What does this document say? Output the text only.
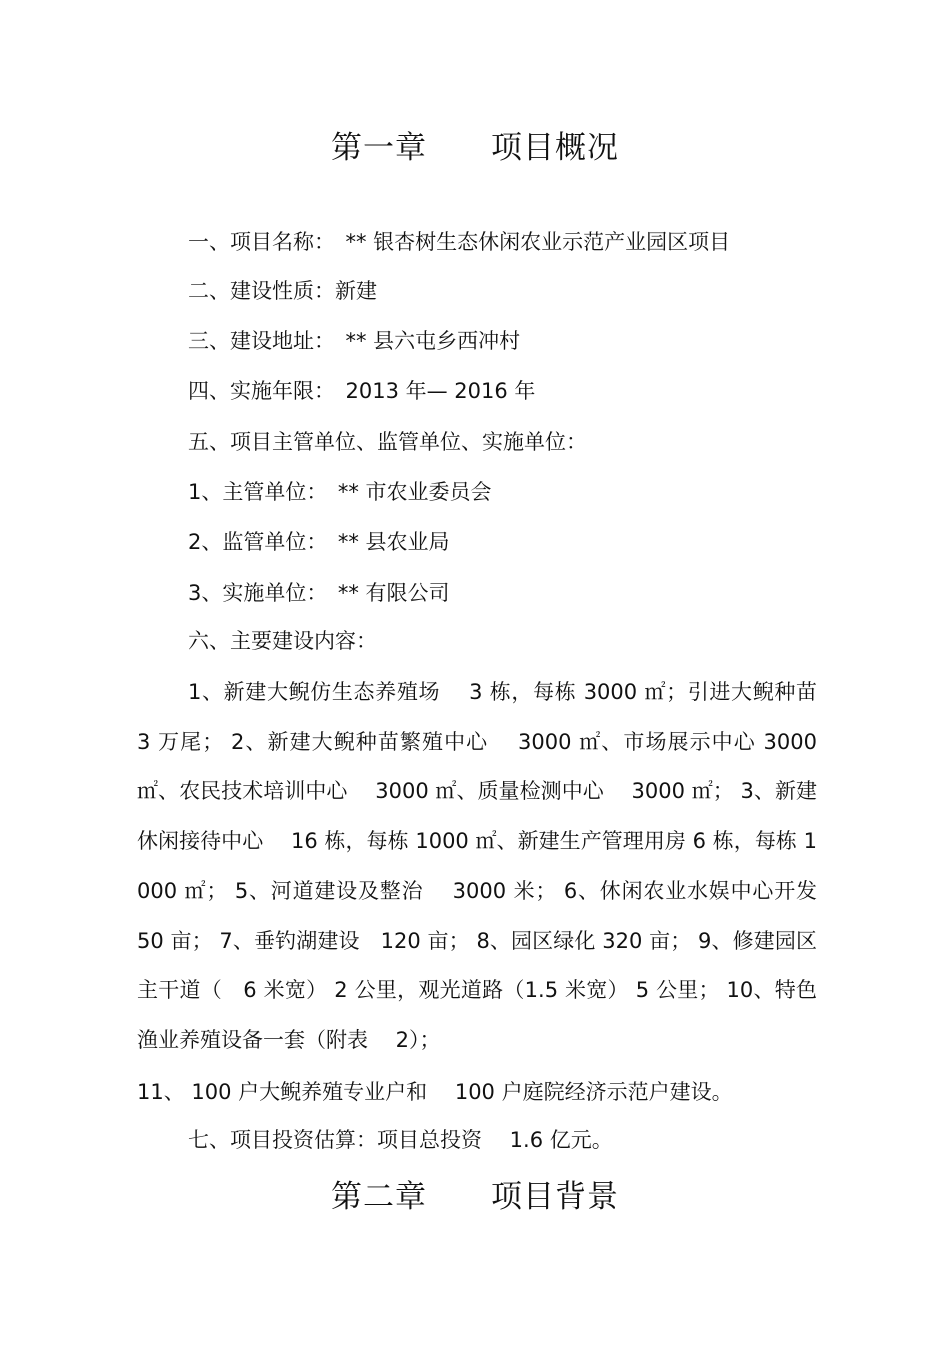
第一章　　项目概况
一、项目名称：　** 银杏树生态休闲农业示范产业园区项目
二、建设性质：新建
三、建设地址：　** 县六屯乡西冲村
四、实施年限：　2013 年— 2016 年
五、项目主管单位、监管单位、实施单位：
1、主管单位：　** 市农业委员会
2、监管单位：　** 县农业局
3、实施单位：　** 有限公司
六、主要建设内容：
1、新建大鲵仿生态养殖场　 3 栋，每栋 3000 ㎡；引进大鲵种苗 3 万尾； 2、新建大鲵种苗繁殖中心　 3000 ㎡、市场展示中心 3000 ㎡、农民技术培训中心　 3000 ㎡、质量检测中心　 3000 ㎡； 3、新建休闲接待中心　 16 栋，每栋 1000 ㎡、新建生产管理用房 6 栋，每栋 1000 ㎡； 5、河道建设及整治　 3000 米； 6、休闲农业水娱中心开发　 50 亩； 7、垂钓湖建设　120 亩； 8、园区绿化 320 亩； 9、修建园区主干道（　6 米宽） 2 公里，观光道路（1.5 米宽） 5 公里； 10、特色渔业养殖设备一套（附表　 2）；
11、 100 户大鲵养殖专业户和　 100 户庭院经济示范户建设。
七、项目投资估算：项目总投资　 1.6 亿元。
第二章　　项目背景
